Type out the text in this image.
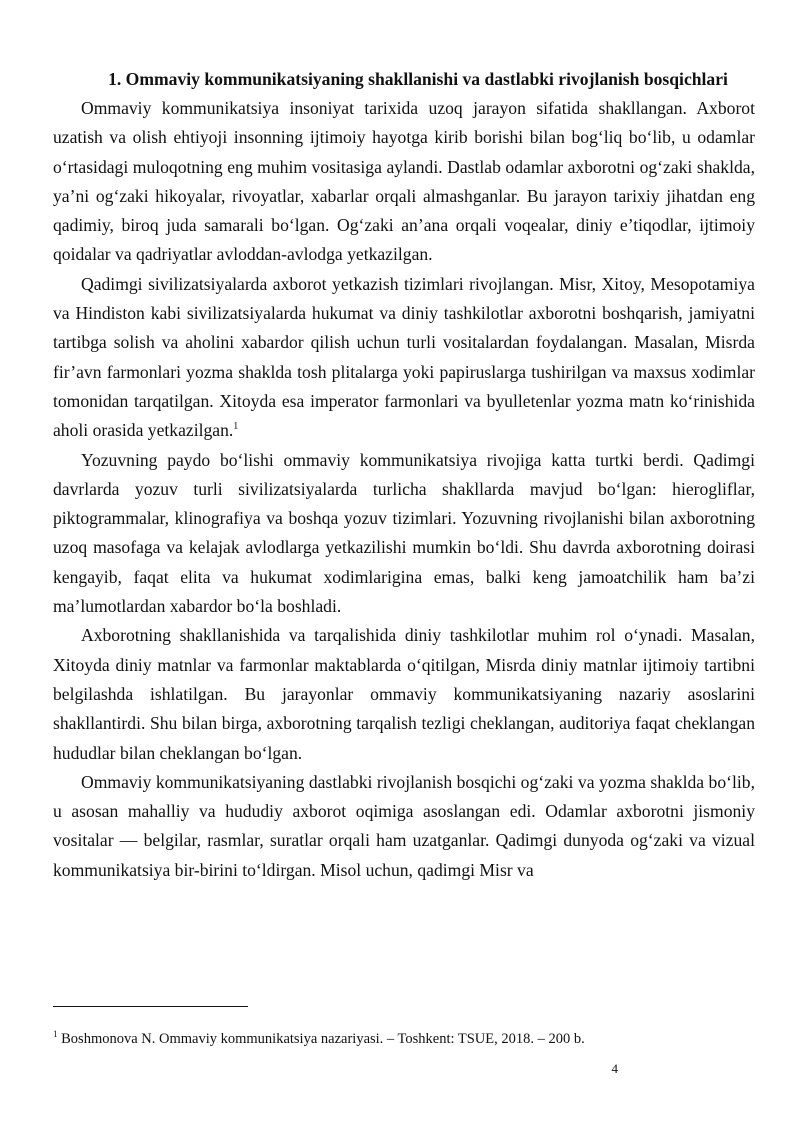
1. Ommaviy kommunikatsiyaning shakllanishi va dastlabki rivojlanish bosqichlari

Ommaviy kommunikatsiya insoniyat tarixida uzoq jarayon sifatida shakllangan. Axborot uzatish va olish ehtiyoji insonning ijtimoiy hayotga kirib borishi bilan bog‘liq bo‘lib, u odamlar o‘rtasidagi muloqotning eng muhim vositasiga aylandi. Dastlab odamlar axborotni og‘zaki shaklda, ya’ni og‘zaki hikoyalar, rivoyatlar, xabarlar orqali almashganlar. Bu jarayon tarixiy jihatdan eng qadimiy, biroq juda samarali bo‘lgan. Og‘zaki an’ana orqali voqealar, diniy e’tiqodlar, ijtimoiy qoidalar va qadriyatlar avloddan-avlodga yetkazilgan.

Qadimgi sivilizatsiyalarda axborot yetkazish tizimlari rivojlangan. Misr, Xitoy, Mesopotamiya va Hindiston kabi sivilizatsiyalarda hukumat va diniy tashkilotlar axborotni boshqarish, jamiyatni tartibga solish va aholini xabardor qilish uchun turli vositalardan foydalangan. Masalan, Misrda fir’avn farmonlari yozma shaklda tosh plitalarga yoki papiruslarga tushirilgan va maxsus xodimlar tomonidan tarqatilgan. Xitoyda esa imperator farmonlari va byulletenlar yozma matn ko‘rinishida aholi orasida yetkazilgan.$^1$

Yozuvning paydo bo‘lishi ommaviy kommunikatsiya rivojiga katta turtki berdi. Qadimgi davrlarda yozuv turli sivilizatsiyalarda turlicha shakllarda mavjud bo‘lgan: hierogliflar, piktogrammalar, klinografiya va boshqa yozuv tizimlari. Yozuvning rivojlanishi bilan axborotning uzoq masofaga va kelajak avlodlarga yetkazilishi mumkin bo‘ldi. Shu davrda axborotning doirasi kengayib, faqat elita va hukumat xodimlarigina emas, balki keng jamoatchilik ham ba’zi ma’lumotlardan xabardor bo‘la boshladi.

Axborotning shakllanishida va tarqalishida diniy tashkilotlar muhim rol o‘ynadi. Masalan, Xitoyda diniy matnlar va farmonlar maktablarda o‘qitilgan, Misrda diniy matnlar ijtimoiy tartibni belgilashda ishlatilgan. Bu jarayonlar ommaviy kommunikatsiyaning nazariy asoslarini shakllantirdi. Shu bilan birga, axborotning tarqalish tezligi cheklangan, auditoriya faqat cheklangan hududlar bilan cheklangan bo‘lgan.

Ommaviy kommunikatsiyaning dastlabki rivojlanish bosqichi og‘zaki va yozma shaklda bo‘lib, u asosan mahalliy va hududiy axborot oqimiga asoslangan edi. Odamlar axborotni jismoniy vositalar — belgilar, rasmlar, suratlar orqali ham uzatganlar. Qadimgi dunyoda og‘zaki va vizual kommunikatsiya bir-birini to‘ldirgan. Misol uchun, qadimgi Misr va

$^1$ Boshmonova N. Ommaviy kommunikatsiya nazariyasi. – Toshkent: TSUE, 2018. – 200 b.
4
